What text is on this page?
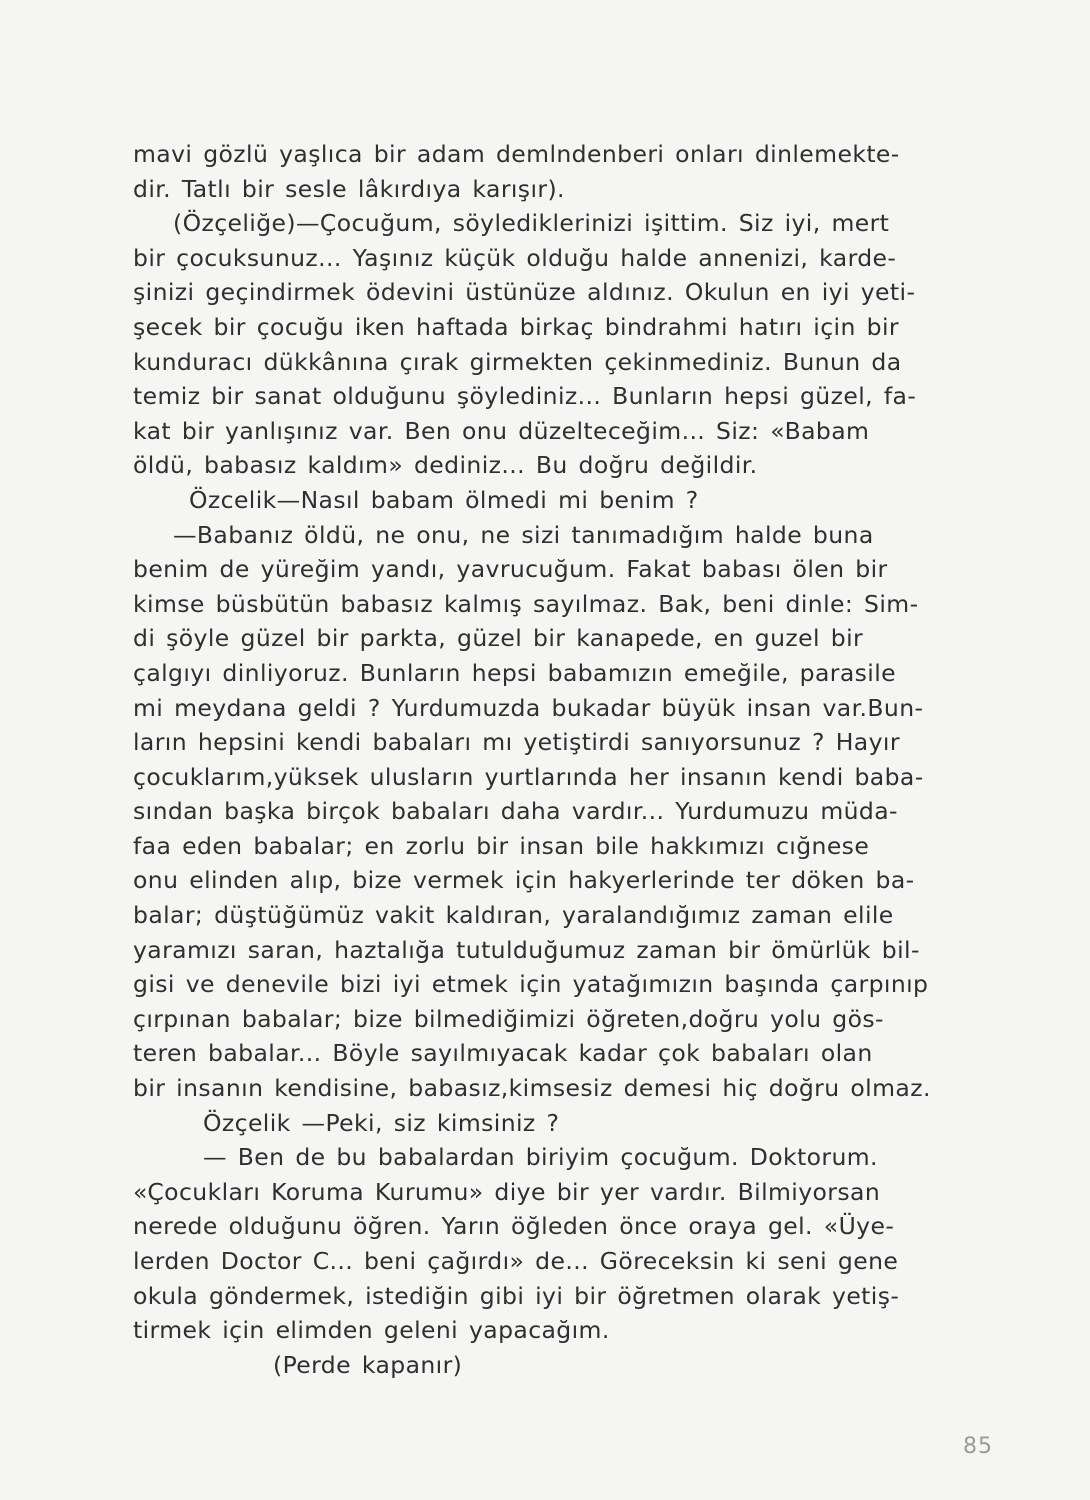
mavi gözlü yaşlıca bir adam demlndenberi onları dinlemekte-
dir. Tatlı bir sesle lâkırdıya karışır).
(Özçeliğe)—Çocuğum, söylediklerinizi işittim. Siz iyi, mert
bir çocuksunuz... Yaşınız küçük olduğu halde annenizi, karde-
şinizi geçindirmek ödevini üstünüze aldınız. Okulun en iyi yeti-
şecek bir çocuğu iken haftada birkaç bindrahmi hatırı için bir
kunduracı dükkânına çırak girmekten çekinmediniz. Bunun da
temiz bir sanat olduğunu şöylediniz... Bunların hepsi güzel, fa-
kat bir yanlışınız var. Ben onu düzelteceğim... Siz: «Babam
öldü, babasız kaldım» dediniz... Bu doğru değildir.
Özcelik—Nasıl babam ölmedi mi benim ?
—Babanız öldü, ne onu, ne sizi tanımadığım halde buna
benim de yüreğim yandı, yavrucuğum. Fakat babası ölen bir
kimse büsbütün babasız kalmış sayılmaz. Bak, beni dinle: Sim-
di şöyle güzel bir parkta, güzel bir kanapede, en guzel bir
çalgıyı dinliyoruz. Bunların hepsi babamızın emeğile, parasile
mi meydana geldi ? Yurdumuzda bukadar büyük insan var.Bun-
ların hepsini kendi babaları mı yetiştirdi sanıyorsunuz ? Hayır
çocuklarım,yüksek ulusların yurtlarında her insanın kendi baba-
sından başka birçok babaları daha vardır... Yurdumuzu müda-
faa eden babalar; en zorlu bir insan bile hakkımızı cığnese
onu elinden alıp, bize vermek için hakyerlerinde ter döken ba-
balar; düştüğümüz vakit kaldıran, yaralandığımız zaman elile
yaramızı saran, haztalığa tutulduğumuz zaman bir ömürlük bil-
gisi ve denevile bizi iyi etmek için yatağımızın başında çarpınıp
çırpınan babalar; bize bilmediğimizi öğreten,doğru yolu gös-
teren babalar... Böyle sayılmıyacak kadar çok babaları olan
bir insanın kendisine, babasız,kimsesiz demesi hiç doğru olmaz.
Özçelik —Peki, siz kimsiniz ?
— Ben de bu babalardan biriyim çocuğum. Doktorum.
«Çocukları Koruma Kurumu» diye bir yer vardır. Bilmiyorsan
nerede olduğunu öğren. Yarın öğleden önce oraya gel. «Üye-
lerden Doctor C... beni çağırdı» de... Göreceksin ki seni gene
okula göndermek, istediğin gibi iyi bir öğretmen olarak yetiş-
tirmek için elimden geleni yapacağım.
(Perde kapanır)
85
